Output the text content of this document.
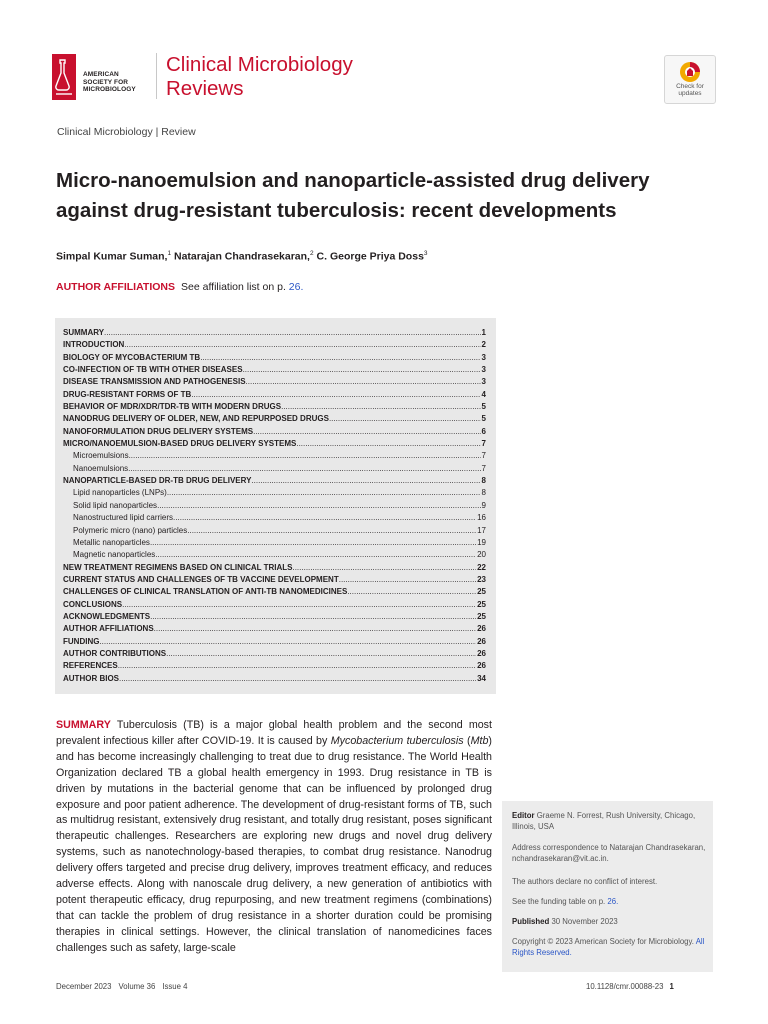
AMERICAN
SOCIETY FOR
MICROBIOLOGY
Clinical Microbiology
Reviews	Check for
updates
Clinical Microbiology | Review
Micro-nanoemulsion and nanoparticle-assisted drug delivery against drug-resistant tuberculosis: recent developments
Simpal Kumar Suman,$^1$ Natarajan Chandrasekaran,$^2$ C. George Priya Doss$^3$
AUTHOR AFFILIATIONS See affiliation list on p. 26.
SUMMARY .....	1
INTRODUCTION .....	2
BIOLOGY OF MYCOBACTERIUM TB .....	3
CO-INFECTION OF TB WITH OTHER DISEASES .....	3
DISEASE TRANSMISSION AND PATHOGENESIS .....	3
DRUG-RESISTANT FORMS OF TB .....	4
BEHAVIOR OF MDR/XDR/TDR-TB WITH MODERN DRUGS .....	5
NANODRUG DELIVERY OF OLDER, NEW, AND REPURPOSED DRUGS .....	5
NANOFORMULATION DRUG DELIVERY SYSTEMS .....	6
MICRO/NANOEMULSION-BASED DRUG DELIVERY SYSTEMS .....	7
Microemulsions .....	7
Nanoemulsions .....	7
NANOPARTICLE-BASED DR-TB DRUG DELIVERY .....	8
Lipid nanoparticles (LNPs) .....	8
Solid lipid nanoparticles .....	9
Nanostructured lipid carriers .....	16
Polymeric micro (nano) particles .....	17
Metallic nanoparticles .....	19
Magnetic nanoparticles .....	20
NEW TREATMENT REGIMENS BASED ON CLINICAL TRIALS .....	22
CURRENT STATUS AND CHALLENGES OF TB VACCINE DEVELOPMENT .....	23
CHALLENGES OF CLINICAL TRANSLATION OF ANTI-TB NANOMEDICINES .....	25
CONCLUSIONS .....	25
ACKNOWLEDGMENTS .....	25
AUTHOR AFFILIATIONS .....	26
FUNDING .....	26
AUTHOR CONTRIBUTIONS .....	26
REFERENCES .....	26
AUTHOR BIOS .....	34

SUMMARY Tuberculosis (TB) is a major global health problem and the second most prevalent infectious killer after COVID-19. It is caused by Mycobacterium tuberculosis (Mtb) and has become increasingly challenging to treat due to drug resistance. The World Health Organization declared TB a global health emergency in 1993. Drug resistance in TB is driven by mutations in the bacterial genome that can be influenced by prolonged drug exposure and poor patient adherence. The development of drug-resistant forms of TB, such as multidrug resistant, extensively drug resistant, and totally drug resistant, poses significant therapeutic challenges. Researchers are exploring new drugs and novel drug delivery systems, such as nanotechnology-based therapies, to combat drug resistance. Nanodrug delivery offers targeted and precise drug delivery, improves treatment efficacy, and reduces adverse effects. Along with nanoscale drug delivery, a new generation of antibiotics with potent therapeutic efficacy, drug repurposing, and new treatment regimens (combinations) that can tackle the problem of drug resistance in a shorter duration could be promising therapies in clinical settings. However, the clinical translation of nanomedicines faces challenges such as safety, large-scale

Editor Graeme N. Forrest, Rush University, Chicago, Illinois, USA

Address correspondence to Natarajan Chandrasekaran, nchandrasekaran@vit.ac.in.

The authors declare no conflict of interest.

See the funding table on p. 26.

Published 30 November 2023

Copyright © 2023 American Society for Microbiology. All Rights Reserved.

December 2023 Volume 36 Issue 4	10.1128/cmr.00088-23 1
